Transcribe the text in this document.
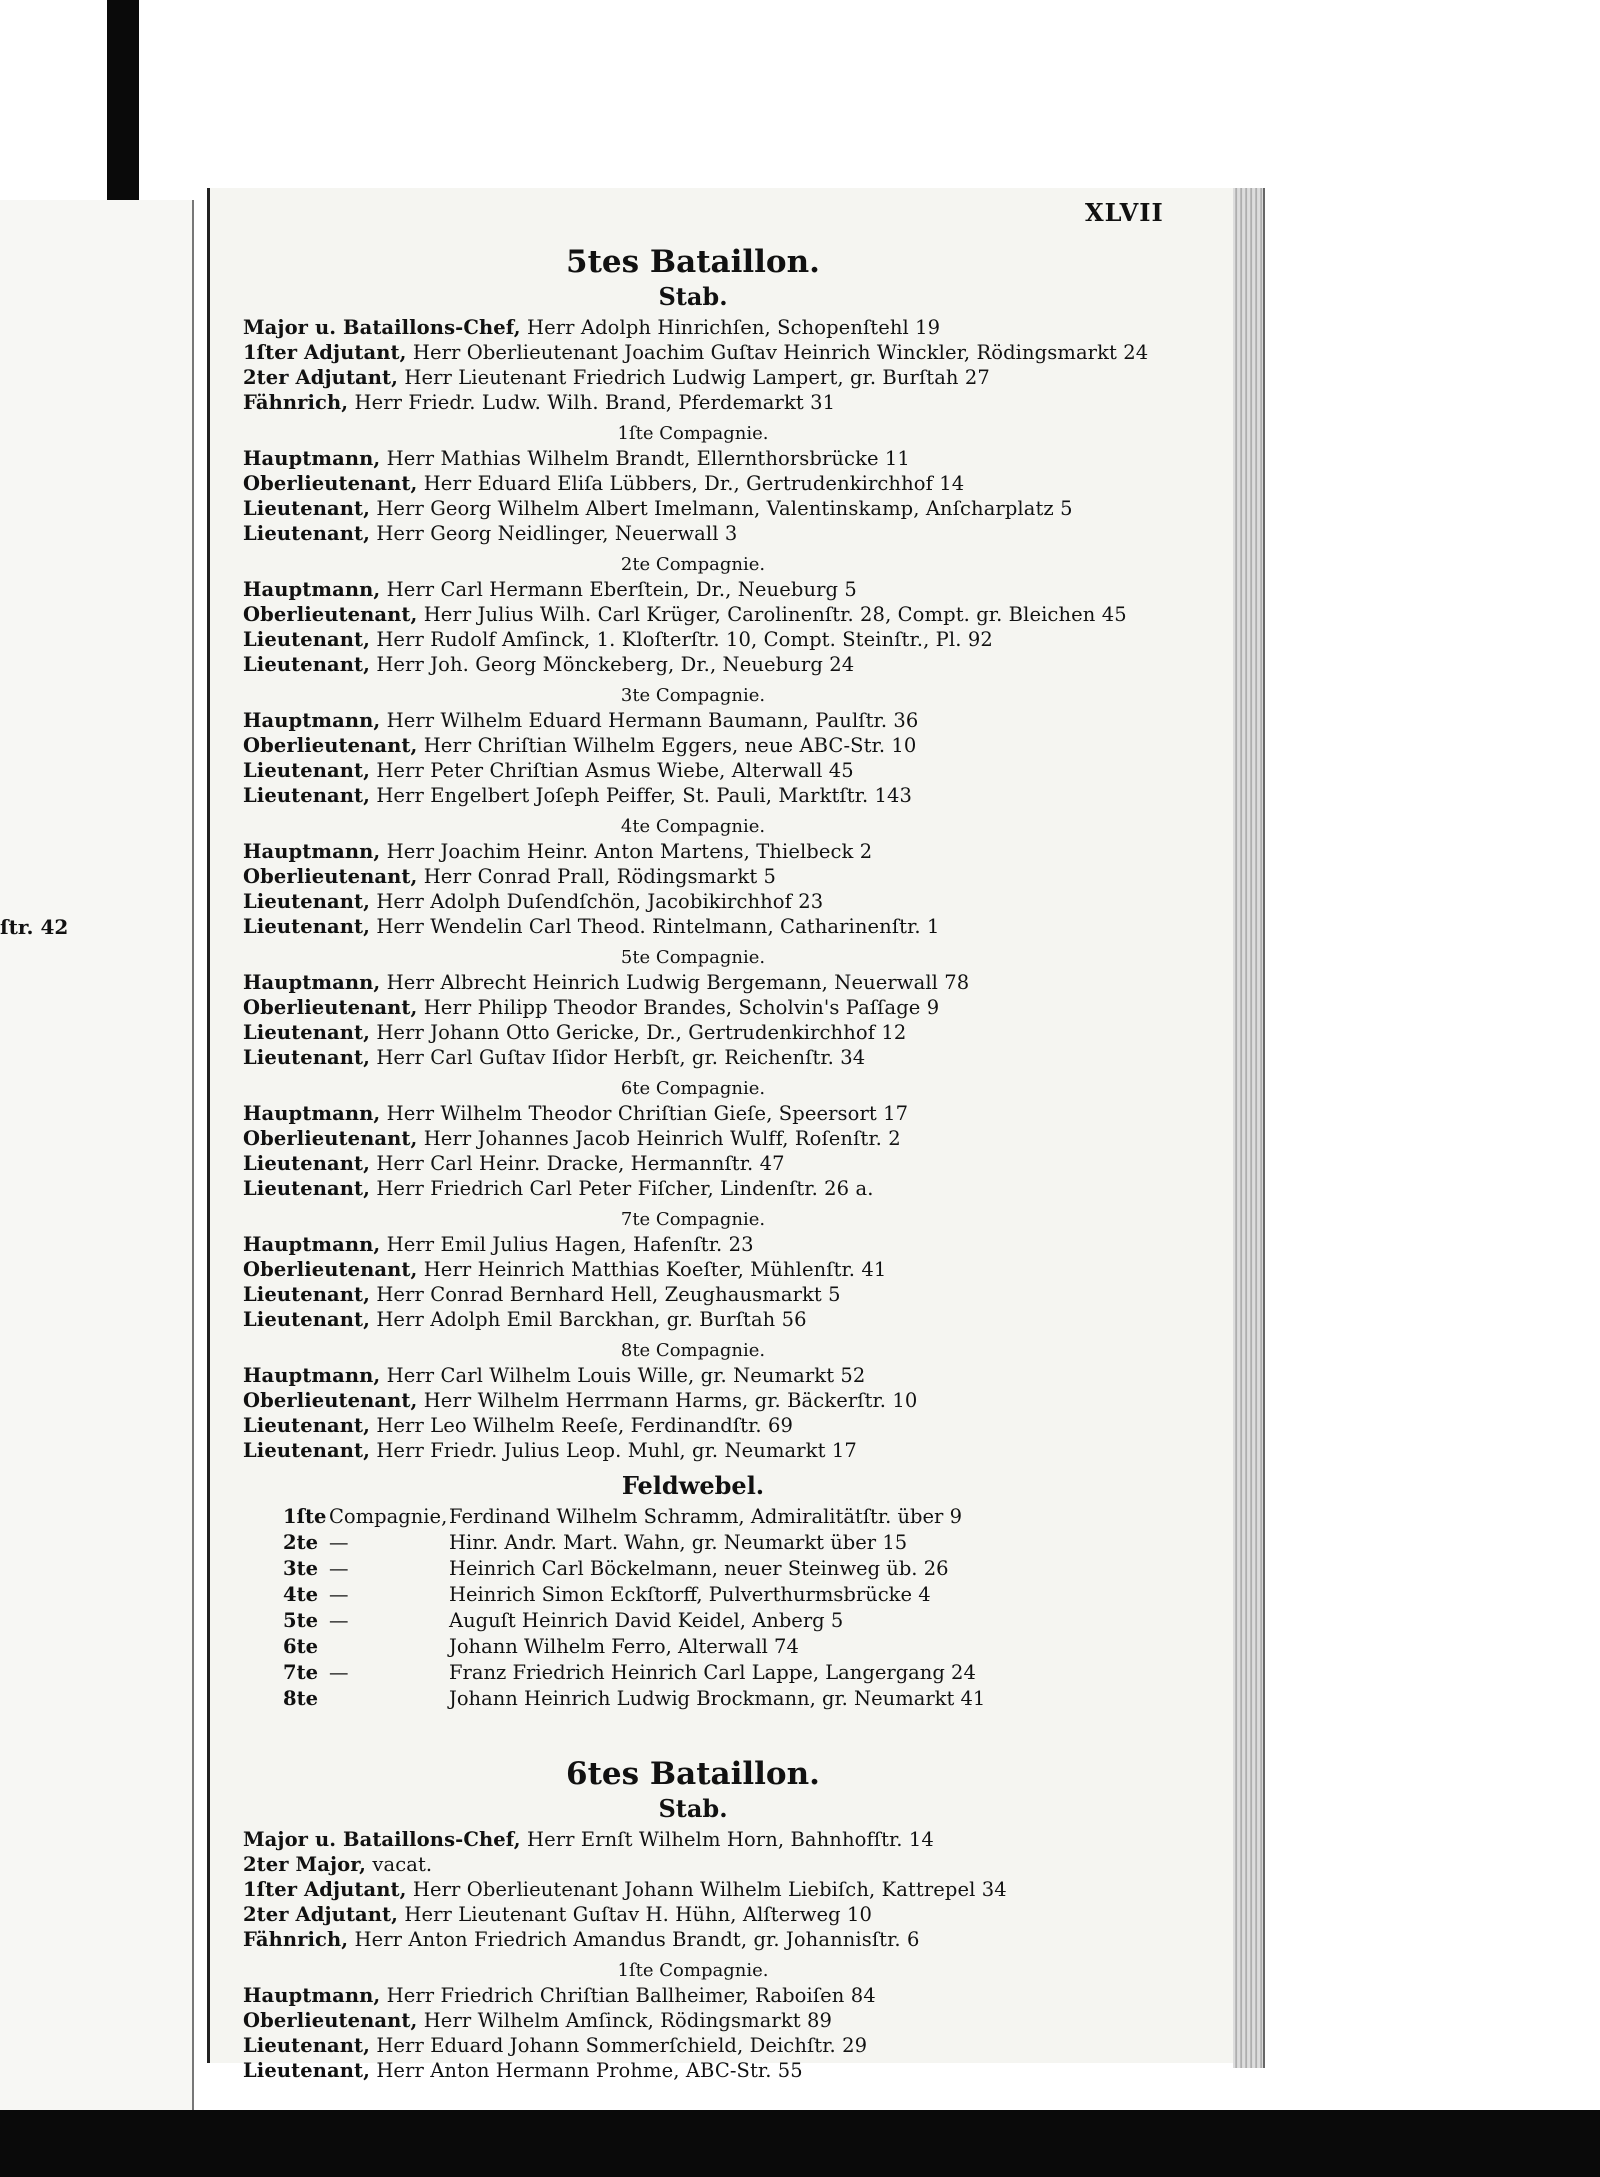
ſtr. 42
XLVII
5tes Bataillon.
Stab.
Major u. Bataillons-Chef, Herr Adolph Hinrichſen, Schopenſtehl 19
1ſter Adjutant, Herr Oberlieutenant Joachim Guſtav Heinrich Winckler, Rödingsmarkt 24
2ter Adjutant, Herr Lieutenant Friedrich Ludwig Lampert, gr. Burſtah 27
Fähnrich, Herr Friedr. Ludw. Wilh. Brand, Pferdemarkt 31
1ſte Compagnie.
Hauptmann, Herr Mathias Wilhelm Brandt, Ellernthorsbrücke 11
Oberlieutenant, Herr Eduard Eliſa Lübbers, Dr., Gertrudenkirchhof 14
Lieutenant, Herr Georg Wilhelm Albert Imelmann, Valentinskamp, Anſcharplatz 5
Lieutenant, Herr Georg Neidlinger, Neuerwall 3
2te Compagnie.
Hauptmann, Herr Carl Hermann Eberſtein, Dr., Neueburg 5
Oberlieutenant, Herr Julius Wilh. Carl Krüger, Carolinenſtr. 28, Compt. gr. Bleichen 45
Lieutenant, Herr Rudolf Amſinck, 1. Kloſterſtr. 10, Compt. Steinſtr., Pl. 92
Lieutenant, Herr Joh. Georg Mönckeberg, Dr., Neueburg 24
3te Compagnie.
Hauptmann, Herr Wilhelm Eduard Hermann Baumann, Paulſtr. 36
Oberlieutenant, Herr Chriſtian Wilhelm Eggers, neue ABC-Str. 10
Lieutenant, Herr Peter Chriſtian Asmus Wiebe, Alterwall 45
Lieutenant, Herr Engelbert Joſeph Peiffer, St. Pauli, Marktſtr. 143
4te Compagnie.
Hauptmann, Herr Joachim Heinr. Anton Martens, Thielbeck 2
Oberlieutenant, Herr Conrad Prall, Rödingsmarkt 5
Lieutenant, Herr Adolph Duſendſchön, Jacobikirchhof 23
Lieutenant, Herr Wendelin Carl Theod. Rintelmann, Catharinenſtr. 1
5te Compagnie.
Hauptmann, Herr Albrecht Heinrich Ludwig Bergemann, Neuerwall 78
Oberlieutenant, Herr Philipp Theodor Brandes, Scholvin's Paſſage 9
Lieutenant, Herr Johann Otto Gericke, Dr., Gertrudenkirchhof 12
Lieutenant, Herr Carl Guſtav Iſidor Herbſt, gr. Reichenſtr. 34
6te Compagnie.
Hauptmann, Herr Wilhelm Theodor Chriſtian Gieſe, Speersort 17
Oberlieutenant, Herr Johannes Jacob Heinrich Wulff, Roſenſtr. 2
Lieutenant, Herr Carl Heinr. Dracke, Hermannſtr. 47
Lieutenant, Herr Friedrich Carl Peter Fiſcher, Lindenſtr. 26 a.
7te Compagnie.
Hauptmann, Herr Emil Julius Hagen, Hafenſtr. 23
Oberlieutenant, Herr Heinrich Matthias Koeſter, Mühlenſtr. 41
Lieutenant, Herr Conrad Bernhard Hell, Zeughausmarkt 5
Lieutenant, Herr Adolph Emil Barckhan, gr. Burſtah 56
8te Compagnie.
Hauptmann, Herr Carl Wilhelm Louis Wille, gr. Neumarkt 52
Oberlieutenant, Herr Wilhelm Herrmann Harms, gr. Bäckerſtr. 10
Lieutenant, Herr Leo Wilhelm Reeſe, Ferdinandſtr. 69
Lieutenant, Herr Friedr. Julius Leop. Muhl, gr. Neumarkt 17
Feldwebel.
1ſte	Compagnie,	Ferdinand Wilhelm Schramm, Admiralitätſtr. über 9
2te	—	Hinr. Andr. Mart. Wahn, gr. Neumarkt über 15
3te	—	Heinrich Carl Böckelmann, neuer Steinweg üb. 26
4te	—	Heinrich Simon Eckſtorff, Pulverthurmsbrücke 4
5te	—	Auguſt Heinrich David Keidel, Anberg 5
6te		Johann Wilhelm Ferro, Alterwall 74
7te	—	Franz Friedrich Heinrich Carl Lappe, Langergang 24
8te		Johann Heinrich Ludwig Brockmann, gr. Neumarkt 41
6tes Bataillon.
Stab.
Major u. Bataillons-Chef, Herr Ernſt Wilhelm Horn, Bahnhofſtr. 14
2ter Major, vacat.
1ſter Adjutant, Herr Oberlieutenant Johann Wilhelm Liebiſch, Kattrepel 34
2ter Adjutant, Herr Lieutenant Guſtav H. Hühn, Alſterweg 10
Fähnrich, Herr Anton Friedrich Amandus Brandt, gr. Johannisſtr. 6
1ſte Compagnie.
Hauptmann, Herr Friedrich Chriſtian Ballheimer, Raboiſen 84
Oberlieutenant, Herr Wilhelm Amſinck, Rödingsmarkt 89
Lieutenant, Herr Eduard Johann Sommerſchield, Deichſtr. 29
Lieutenant, Herr Anton Hermann Prohme, ABC-Str. 55
